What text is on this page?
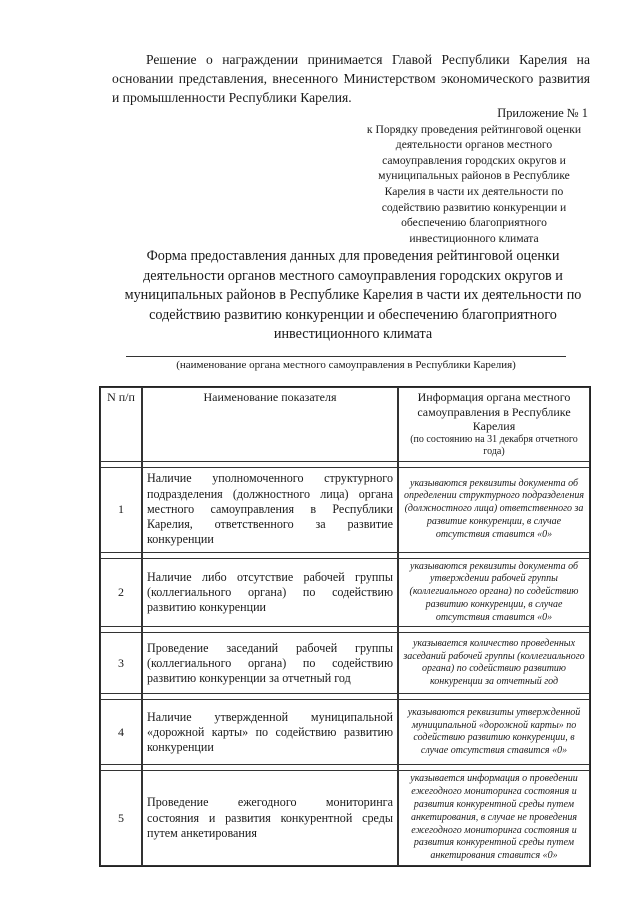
Решение о награждении принимается Главой Республики Карелия на основании представления, внесенного Министерством экономического развития и промышленности Республики Карелия.

Приложение № 1
к Порядку проведения рейтинговой оценки деятельности органов местного самоуправления городских округов и муниципальных районов в Республике Карелия в части их деятельности по содействию развитию конкуренции и обеспечению благоприятного инвестиционного климата
Форма предоставления данных для проведения рейтинговой оценки деятельности органов местного самоуправления городских округов и муниципальных районов в Республике Карелия в части их деятельности по содействию развитию конкуренции и обеспечению благоприятного инвестиционного климата
(наименование органа местного самоуправления в Республики Карелия)
N п/п	Наименование показателя	Информация органа местного самоуправления в Республике Карелия
(по состоянию на 31 декабря отчетного года)

1	Наличие уполномоченного структурного подразделения (должностного лица) органа местного самоуправления в Республики Карелия, ответственного за развитие конкуренции	указываются реквизиты документа об определении структурного подразделения (должностного лица) ответственного за развитие конкуренции, в случае отсутствия ставится «0»

2	Наличие либо отсутствие рабочей группы (коллегиального органа) по содействию развитию конкуренции	указываются реквизиты документа об утверждении рабочей группы (коллегиального органа) по содействию развитию конкуренции, в случае отсутствия ставится «0»

3	Проведение заседаний рабочей группы (коллегиального органа) по содействию развитию конкуренции за отчетный год	указывается количество проведенных заседаний рабочей группы (коллегиального органа) по содействию развитию конкуренции за отчетный год

4	Наличие утвержденной муниципальной «дорожной карты» по содействию развитию конкуренции	указываются реквизиты утвержденной муниципальной «дорожной карты» по содействию развитию конкуренции, в случае отсутствия ставится «0»

5	Проведение ежегодного мониторинга состояния и развития конкурентной среды путем анкетирования	указывается информация о проведении ежегодного мониторинга состояния и развития конкурентной среды путем анкетирования, в случае не проведения ежегодного мониторинга состояния и развития конкурентной среды путем анкетирования ставится «0»
